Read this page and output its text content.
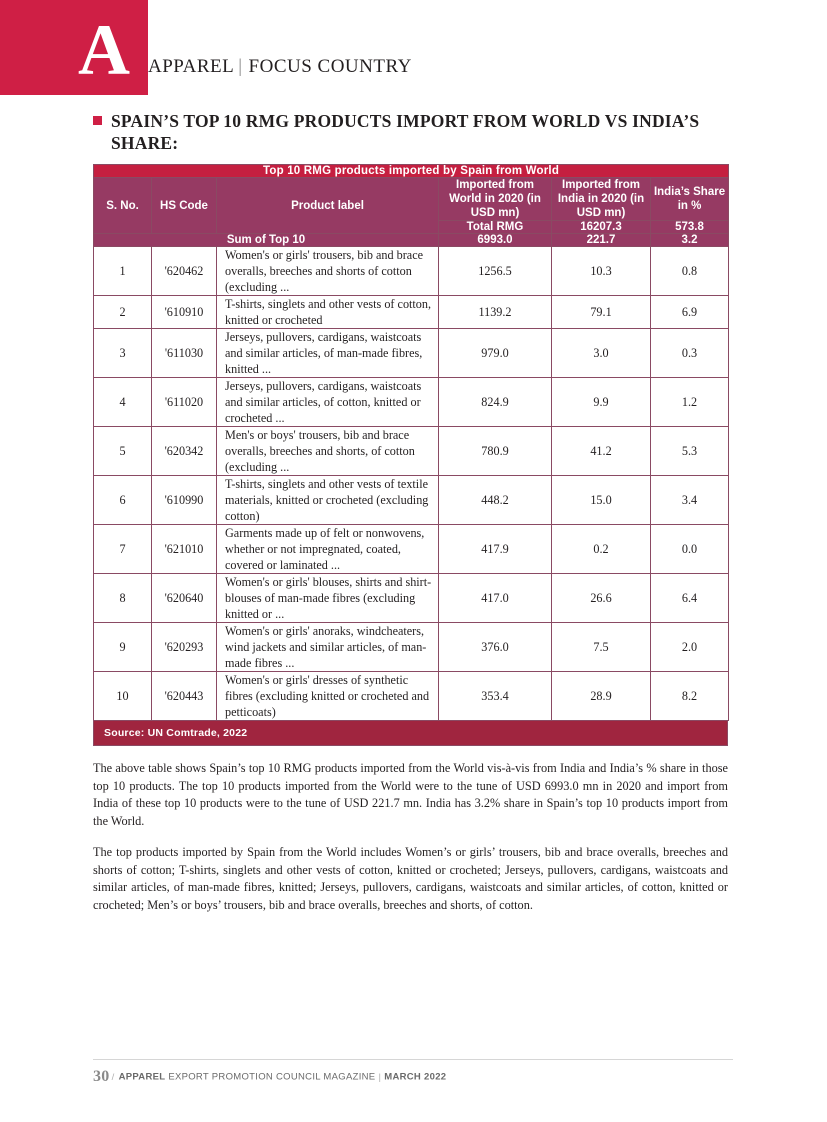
A APPAREL | FOCUS COUNTRY
SPAIN’S TOP 10 RMG PRODUCTS IMPORT FROM WORLD VS INDIA’S SHARE:
Top 10 RMG products imported by Spain from World						
S. No.	HS Code	Product label	Imported from World in 2020 (in USD mn)	Imported from India in 2020 (in USD mn)	India’s Share in %	
			Total RMG	16207.3	573.8	3.5
Sum of Top 10			6993.0	221.7	3.2	
1	'620462	Women's or girls' trousers, bib and brace overalls, breeches and shorts of cotton (excluding ...	1256.5	10.3	0.8	
2	'610910	T-shirts, singlets and other vests of cotton, knitted or crocheted	1139.2	79.1	6.9	
3	'611030	Jerseys, pullovers, cardigans, waistcoats and similar articles, of man-made fibres, knitted ...	979.0	3.0	0.3	
4	'611020	Jerseys, pullovers, cardigans, waistcoats and similar articles, of cotton, knitted or crocheted ...	824.9	9.9	1.2	
5	'620342	Men's or boys' trousers, bib and brace overalls, breeches and shorts, of cotton (excluding ...	780.9	41.2	5.3	
6	'610990	T-shirts, singlets and other vests of textile materials, knitted or crocheted (excluding cotton)	448.2	15.0	3.4	
7	'621010	Garments made up of felt or nonwovens, whether or not impregnated, coated, covered or laminated ...	417.9	0.2	0.0	
8	'620640	Women's or girls' blouses, shirts and shirt-blouses of man-made fibres (excluding knitted or ...	417.0	26.6	6.4	
9	'620293	Women's or girls' anoraks, windcheaters, wind jackets and similar articles, of man-made fibres ...	376.0	7.5	2.0	
10	'620443	Women's or girls' dresses of synthetic fibres (excluding knitted or crocheted and petticoats)	353.4	28.9	8.2	
Source: UN Comtrade, 2022

The above table shows Spain’s top 10 RMG products imported from the World vis-à-vis from India and India’s % share in those top 10 products. The top 10 products imported from the World were to the tune of USD 6993.0 mn in 2020 and import from India of these top 10 products were to the tune of USD 221.7 mn. India has 3.2% share in Spain’s top 10 products import from the World.

The top products imported by Spain from the World includes Women’s or girls’ trousers, bib and brace overalls, breeches and shorts of cotton; T-shirts, singlets and other vests of cotton, knitted or crocheted; Jerseys, pullovers, cardigans, waistcoats and similar articles, of man-made fibres, knitted; Jerseys, pullovers, cardigans, waistcoats and similar articles, of cotton, knitted or crocheted; Men’s or boys’ trousers, bib and brace overalls, breeches and shorts, of cotton.

30 / APPAREL EXPORT PROMOTION COUNCIL MAGAZINE | MARCH 2022
